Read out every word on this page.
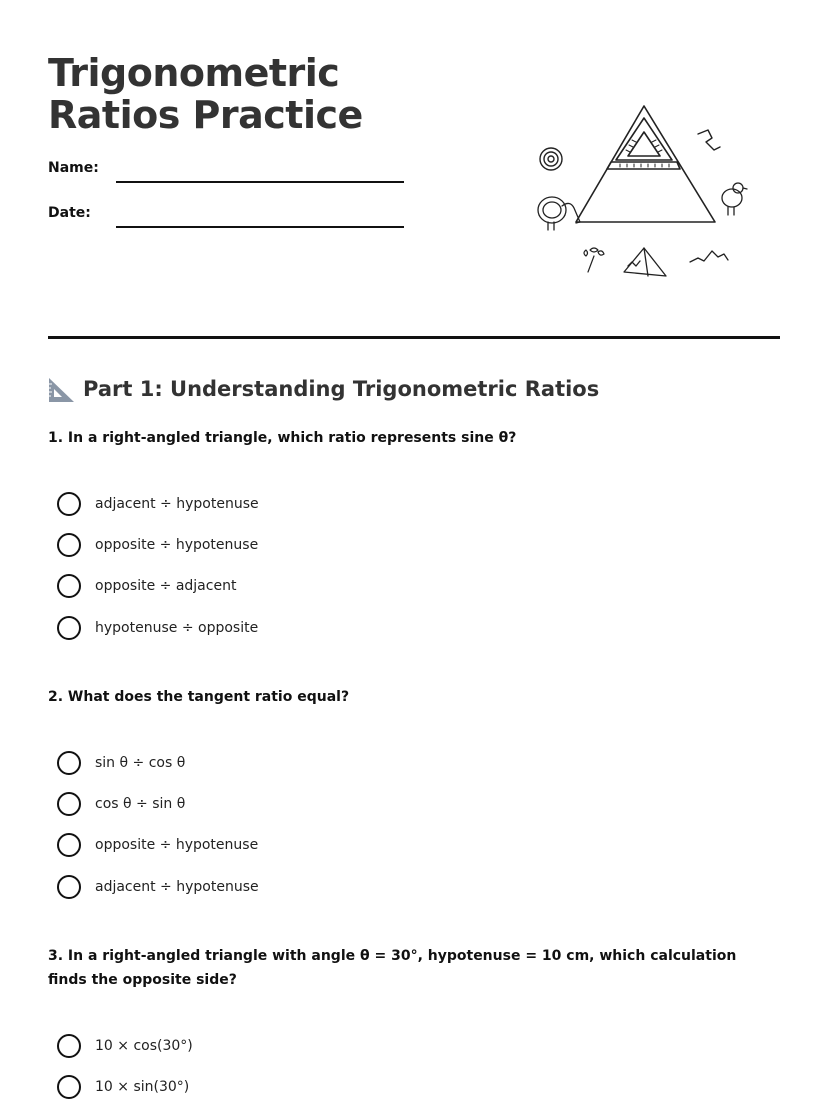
Trigonometric Ratios Practice
Name:
Date:
Part 1: Understanding Trigonometric Ratios
1. In a right-angled triangle, which ratio represents sine θ?
adjacent ÷ hypotenuse
opposite ÷ hypotenuse
opposite ÷ adjacent
hypotenuse ÷ opposite
2. What does the tangent ratio equal?
sin θ ÷ cos θ
cos θ ÷ sin θ
opposite ÷ hypotenuse
adjacent ÷ hypotenuse
3. In a right-angled triangle with angle θ = 30°, hypotenuse = 10 cm, which calculation finds the opposite side?
10 × cos(30°)
10 × sin(30°)
